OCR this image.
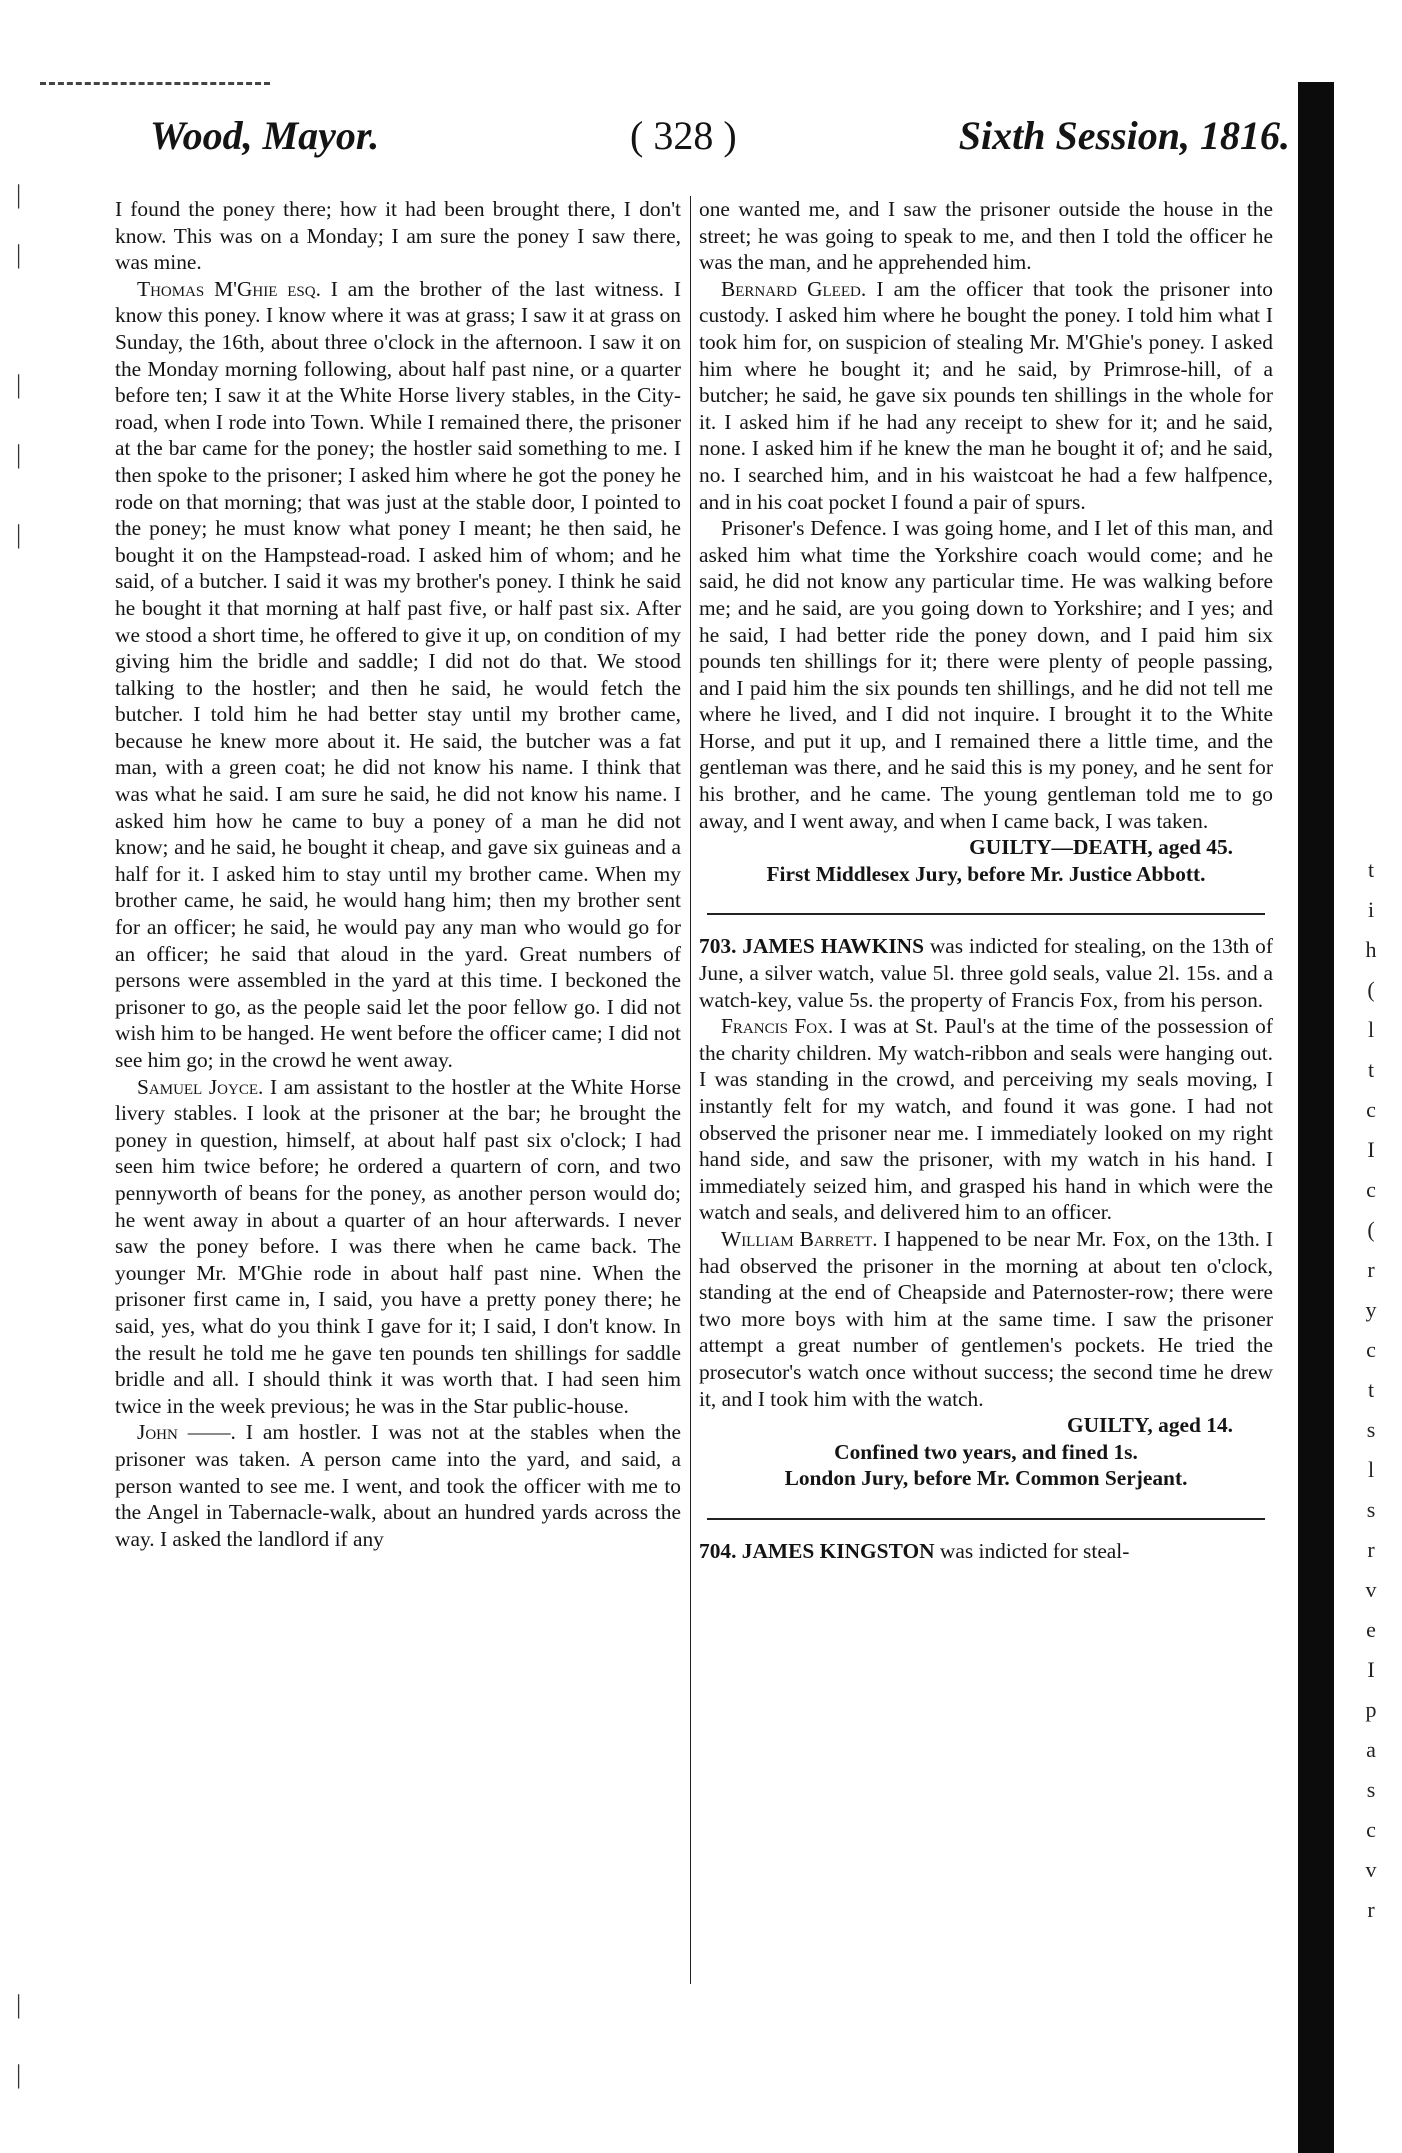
|
|
|
|
|
|
|
Wood, Mayor.	( 328 )	Sixth Session, 1816.

I found the poney there; how it had been brought there, I don't know. This was on a Monday; I am sure the poney I saw there, was mine.

Thomas M'Ghie esq. I am the brother of the last witness. I know this poney. I know where it was at grass; I saw it at grass on Sunday, the 16th, about three o'clock in the afternoon. I saw it on the Monday morning following, about half past nine, or a quarter before ten; I saw it at the White Horse livery stables, in the City-road, when I rode into Town. While I remained there, the prisoner at the bar came for the poney; the hostler said something to me. I then spoke to the prisoner; I asked him where he got the poney he rode on that morning; that was just at the stable door, I pointed to the poney; he must know what poney I meant; he then said, he bought it on the Hampstead-road. I asked him of whom; and he said, of a butcher. I said it was my brother's poney. I think he said he bought it that morning at half past five, or half past six. After we stood a short time, he offered to give it up, on condition of my giving him the bridle and saddle; I did not do that. We stood talking to the hostler; and then he said, he would fetch the butcher. I told him he had better stay until my brother came, because he knew more about it. He said, the butcher was a fat man, with a green coat; he did not know his name. I think that was what he said. I am sure he said, he did not know his name. I asked him how he came to buy a poney of a man he did not know; and he said, he bought it cheap, and gave six guineas and a half for it. I asked him to stay until my brother came. When my brother came, he said, he would hang him; then my brother sent for an officer; he said, he would pay any man who would go for an officer; he said that aloud in the yard. Great numbers of persons were assembled in the yard at this time. I beckoned the prisoner to go, as the people said let the poor fellow go. I did not wish him to be hanged. He went before the officer came; I did not see him go; in the crowd he went away.

Samuel Joyce. I am assistant to the hostler at the White Horse livery stables. I look at the prisoner at the bar; he brought the poney in question, himself, at about half past six o'clock; I had seen him twice before; he ordered a quartern of corn, and two pennyworth of beans for the poney, as another person would do; he went away in about a quarter of an hour afterwards. I never saw the poney before. I was there when he came back. The younger Mr. M'Ghie rode in about half past nine. When the prisoner first came in, I said, you have a pretty poney there; he said, yes, what do you think I gave for it; I said, I don't know. In the result he told me he gave ten pounds ten shillings for saddle bridle and all. I should think it was worth that. I had seen him twice in the week previous; he was in the Star public-house.

John ——. I am hostler. I was not at the stables when the prisoner was taken. A person came into the yard, and said, a person wanted to see me. I went, and took the officer with me to the Angel in Tabernacle-walk, about an hundred yards across the way. I asked the landlord if any

one wanted me, and I saw the prisoner outside the house in the street; he was going to speak to me, and then I told the officer he was the man, and he apprehended him.

Bernard Gleed. I am the officer that took the prisoner into custody. I asked him where he bought the poney. I told him what I took him for, on suspicion of stealing Mr. M'Ghie's poney. I asked him where he bought it; and he said, by Primrose-hill, of a butcher; he said, he gave six pounds ten shillings in the whole for it. I asked him if he had any receipt to shew for it; and he said, none. I asked him if he knew the man he bought it of; and he said, no. I searched him, and in his waistcoat he had a few halfpence, and in his coat pocket I found a pair of spurs.

Prisoner's Defence. I was going home, and I let of this man, and asked him what time the Yorkshire coach would come; and he said, he did not know any particular time. He was walking before me; and he said, are you going down to Yorkshire; and I yes; and he said, I had better ride the poney down, and I paid him six pounds ten shillings for it; there were plenty of people passing, and I paid him the six pounds ten shillings, and he did not tell me where he lived, and I did not inquire. I brought it to the White Horse, and put it up, and I remained there a little time, and the gentleman was there, and he said this is my poney, and he sent for his brother, and he came. The young gentleman told me to go away, and I went away, and when I came back, I was taken.

GUILTY—DEATH, aged 45.

First Middlesex Jury, before Mr. Justice Abbott.

703. JAMES HAWKINS was indicted for stealing, on the 13th of June, a silver watch, value 5l. three gold seals, value 2l. 15s. and a watch-key, value 5s. the property of Francis Fox, from his person.

Francis Fox. I was at St. Paul's at the time of the possession of the charity children. My watch-ribbon and seals were hanging out. I was standing in the crowd, and perceiving my seals moving, I instantly felt for my watch, and found it was gone. I had not observed the prisoner near me. I immediately looked on my right hand side, and saw the prisoner, with my watch in his hand. I immediately seized him, and grasped his hand in which were the watch and seals, and delivered him to an officer.

William Barrett. I happened to be near Mr. Fox, on the 13th. I had observed the prisoner in the morning at about ten o'clock, standing at the end of Cheapside and Paternoster-row; there were two more boys with him at the same time. I saw the prisoner attempt a great number of gentlemen's pockets. He tried the prosecutor's watch once without success; the second time he drew it, and I took him with the watch.

GUILTY, aged 14.

Confined two years, and fined 1s.

London Jury, before Mr. Common Serjeant.

704. JAMES KINGSTON was indicted for steal-

t
i
h
(
l
t
c
I
c
(
r
y
c
t
s
l
s
r
v
e
I
p
a
s
c
v
r
